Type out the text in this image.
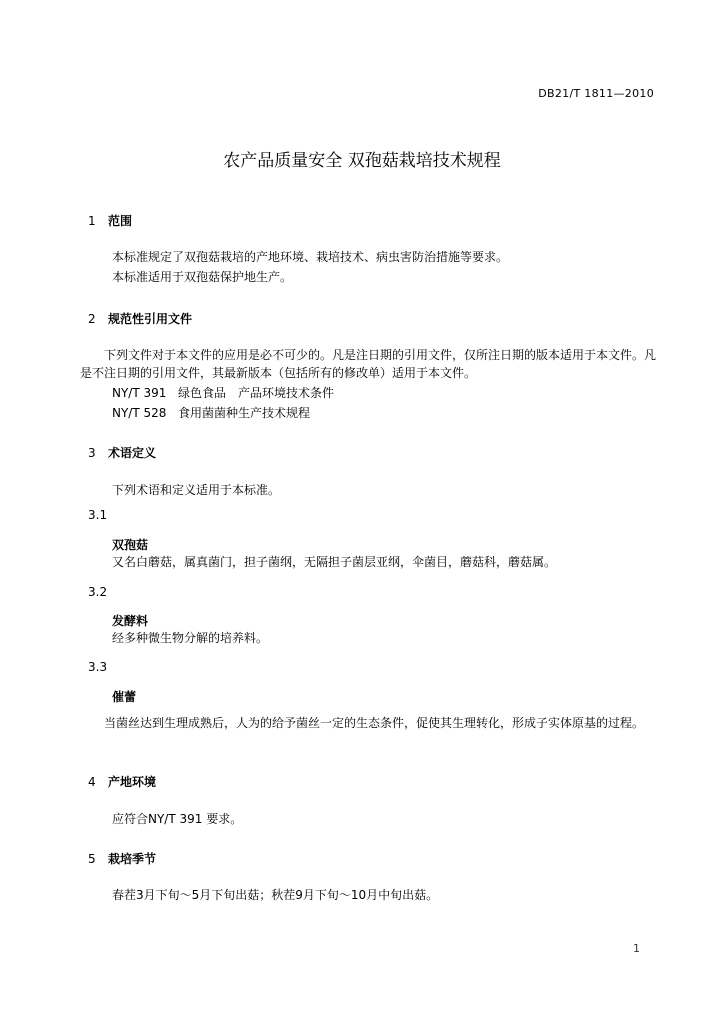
DB21/T 1811—2010
农产品质量安全 双孢菇栽培技术规程
1 范围
本标准规定了双孢菇栽培的产地环境、栽培技术、病虫害防治措施等要求。
本标准适用于双孢菇保护地生产。
2 规范性引用文件
下列文件对于本文件的应用是必不可少的。凡是注日期的引用文件，仅所注日期的版本适用于本文件。凡是不注日期的引用文件，其最新版本（包括所有的修改单）适用于本文件。
NY/T 391 绿色食品　产品环境技术条件
NY/T 528 食用菌菌种生产技术规程
3 术语定义
下列术语和定义适用于本标准。
3.1
双孢菇
又名白蘑菇，属真菌门，担子菌纲，无隔担子菌层亚纲，伞菌目，蘑菇科，蘑菇属。
3.2
发酵料
经多种微生物分解的培养料。
3.3
催蕾
当菌丝达到生理成熟后，人为的给予菌丝一定的生态条件，促使其生理转化，形成子实体原基的过程。
4 产地环境
应符合NY/T 391 要求。
5 栽培季节
春茬3月下旬～5月下旬出菇；秋茬9月下旬～10月中旬出菇。
1
